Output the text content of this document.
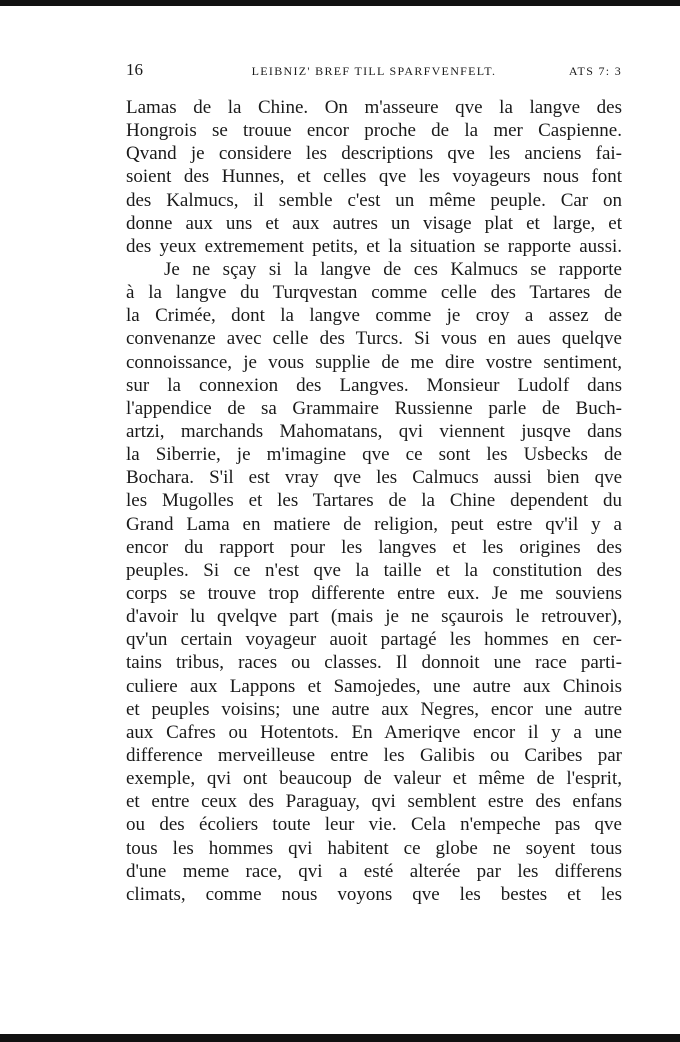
16	LEIBNIZ' BREF TILL SPARFVENFELT.	ATS 7: 3
Lamas de la Chine. On m'asseure qve la langve des
Hongrois se trouue encor proche de la mer Caspienne.
Qvand je considere les descriptions qve les anciens fai-
soient des Hunnes, et celles qve les voyageurs nous font
des Kalmucs, il semble c'est un même peuple. Car on
donne aux uns et aux autres un visage plat et large, et
des yeux extremement petits, et la situation se rapporte aussi.
Je ne sçay si la langve de ces Kalmucs se rapporte
à la langve du Turqvestan comme celle des Tartares de
la Crimée, dont la langve comme je croy a assez de
convenanze avec celle des Turcs. Si vous en aues quelqve
connoissance, je vous supplie de me dire vostre sentiment,
sur la connexion des Langves. Monsieur Ludolf dans
l'appendice de sa Grammaire Russienne parle de Buch-
artzi, marchands Mahomatans, qvi viennent jusqve dans
la Siberrie, je m'imagine qve ce sont les Usbecks de
Bochara. S'il est vray qve les Calmucs aussi bien qve
les Mugolles et les Tartares de la Chine dependent du
Grand Lama en matiere de religion, peut estre qv'il y a
encor du rapport pour les langves et les origines des
peuples. Si ce n'est qve la taille et la constitution des
corps se trouve trop differente entre eux. Je me souviens
d'avoir lu qvelqve part (mais je ne sçaurois le retrouver),
qv'un certain voyageur auoit partagé les hommes en cer-
tains tribus, races ou classes. Il donnoit une race parti-
culiere aux Lappons et Samojedes, une autre aux Chinois
et peuples voisins; une autre aux Negres, encor une autre
aux Cafres ou Hotentots. En Ameriqve encor il y a une
difference merveilleuse entre les Galibis ou Caribes par
exemple, qvi ont beaucoup de valeur et même de l'esprit,
et entre ceux des Paraguay, qvi semblent estre des enfans
ou des écoliers toute leur vie. Cela n'empeche pas qve
tous les hommes qvi habitent ce globe ne soyent tous
d'une meme race, qvi a esté alterée par les differens
climats, comme nous voyons qve les bestes et les
